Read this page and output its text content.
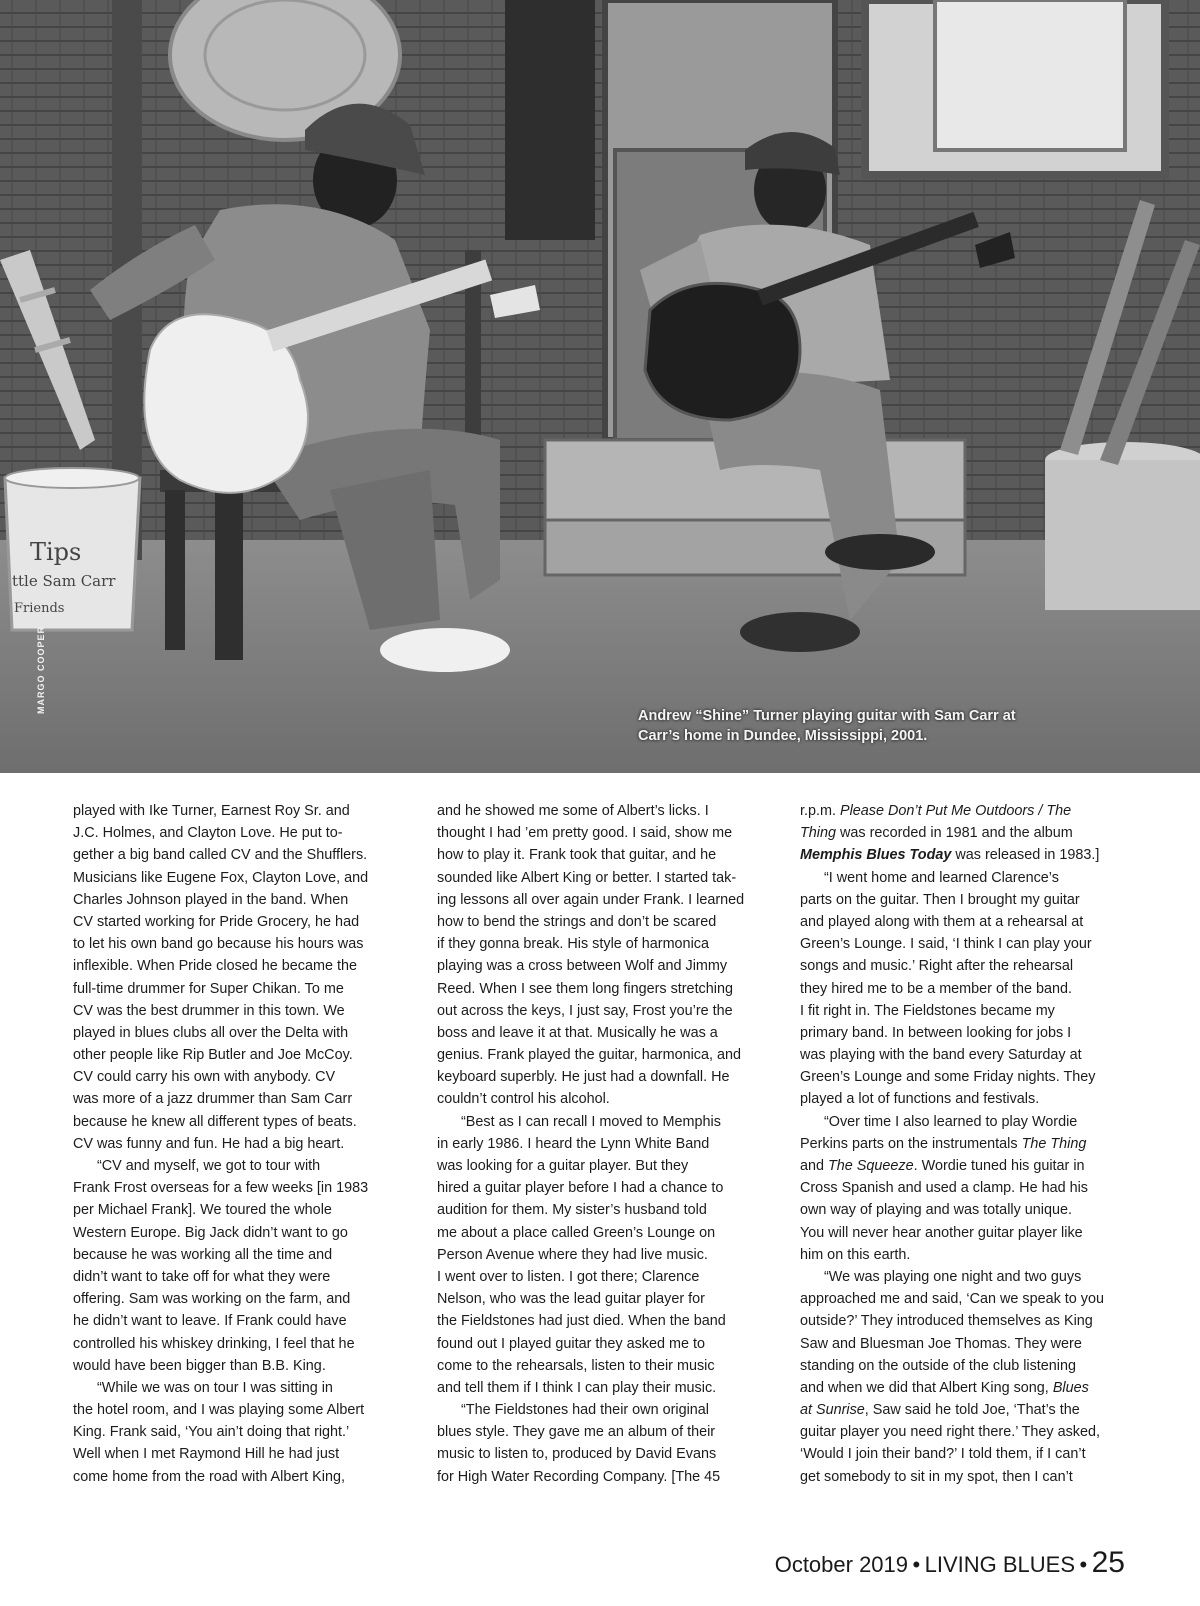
Tips
ttle Sam Carr
Friends
MARGO COOPER
Andrew “Shine” Turner playing guitar with Sam Carr at
Carr’s home in Dundee, Mississippi, 2001.
played with Ike Turner, Earnest Roy Sr. and
J.C. Holmes, and Clayton Love. He put to-
gether a big band called CV and the Shufflers.
Musicians like Eugene Fox, Clayton Love, and
Charles Johnson played in the band. When
CV started working for Pride Grocery, he had
to let his own band go because his hours was
inflexible. When Pride closed he became the
full-time drummer for Super Chikan. To me
CV was the best drummer in this town. We
played in blues clubs all over the Delta with
other people like Rip Butler and Joe McCoy.
CV could carry his own with anybody. CV
was more of a jazz drummer than Sam Carr
because he knew all different types of beats.
CV was funny and fun. He had a big heart.
“CV and myself, we got to tour with
Frank Frost overseas for a few weeks [in 1983
per Michael Frank]. We toured the whole
Western Europe. Big Jack didn’t want to go
because he was working all the time and
didn’t want to take off for what they were
offering. Sam was working on the farm, and
he didn’t want to leave. If Frank could have
controlled his whiskey drinking, I feel that he
would have been bigger than B.B. King.
“While we was on tour I was sitting in
the hotel room, and I was playing some Albert
King. Frank said, ‘You ain’t doing that right.’
Well when I met Raymond Hill he had just
come home from the road with Albert King,
and he showed me some of Albert’s licks. I
thought I had ’em pretty good. I said, show me
how to play it. Frank took that guitar, and he
sounded like Albert King or better. I started tak-
ing lessons all over again under Frank. I learned
how to bend the strings and don’t be scared
if they gonna break. His style of harmonica
playing was a cross between Wolf and Jimmy
Reed. When I see them long fingers stretching
out across the keys, I just say, Frost you’re the
boss and leave it at that. Musically he was a
genius. Frank played the guitar, harmonica, and
keyboard superbly. He just had a downfall. He
couldn’t control his alcohol.
“Best as I can recall I moved to Memphis
in early 1986. I heard the Lynn White Band
was looking for a guitar player. But they
hired a guitar player before I had a chance to
audition for them. My sister’s husband told
me about a place called Green’s Lounge on
Person Avenue where they had live music.
I went over to listen. I got there; Clarence
Nelson, who was the lead guitar player for
the Fieldstones had just died. When the band
found out I played guitar they asked me to
come to the rehearsals, listen to their music
and tell them if I think I can play their music.
“The Fieldstones had their own original
blues style. They gave me an album of their
music to listen to, produced by David Evans
for High Water Recording Company. [The 45
r.p.m. Please Don’t Put Me Outdoors / The
Thing was recorded in 1981 and the album
Memphis Blues Today was released in 1983.]
“I went home and learned Clarence’s
parts on the guitar. Then I brought my guitar
and played along with them at a rehearsal at
Green’s Lounge. I said, ‘I think I can play your
songs and music.’ Right after the rehearsal
they hired me to be a member of the band.
I fit right in. The Fieldstones became my
primary band. In between looking for jobs I
was playing with the band every Saturday at
Green’s Lounge and some Friday nights. They
played a lot of functions and festivals.
“Over time I also learned to play Wordie
Perkins parts on the instrumentals The Thing
and The Squeeze. Wordie tuned his guitar in
Cross Spanish and used a clamp. He had his
own way of playing and was totally unique.
You will never hear another guitar player like
him on this earth.
“We was playing one night and two guys
approached me and said, ‘Can we speak to you
outside?’ They introduced themselves as King
Saw and Bluesman Joe Thomas. They were
standing on the outside of the club listening
and when we did that Albert King song, Blues
at Sunrise, Saw said he told Joe, ‘That’s the
guitar player you need right there.’ They asked,
‘Would I join their band?’ I told them, if I can’t
get somebody to sit in my spot, then I can’t
October 2019 • LIVING BLUES • 25
